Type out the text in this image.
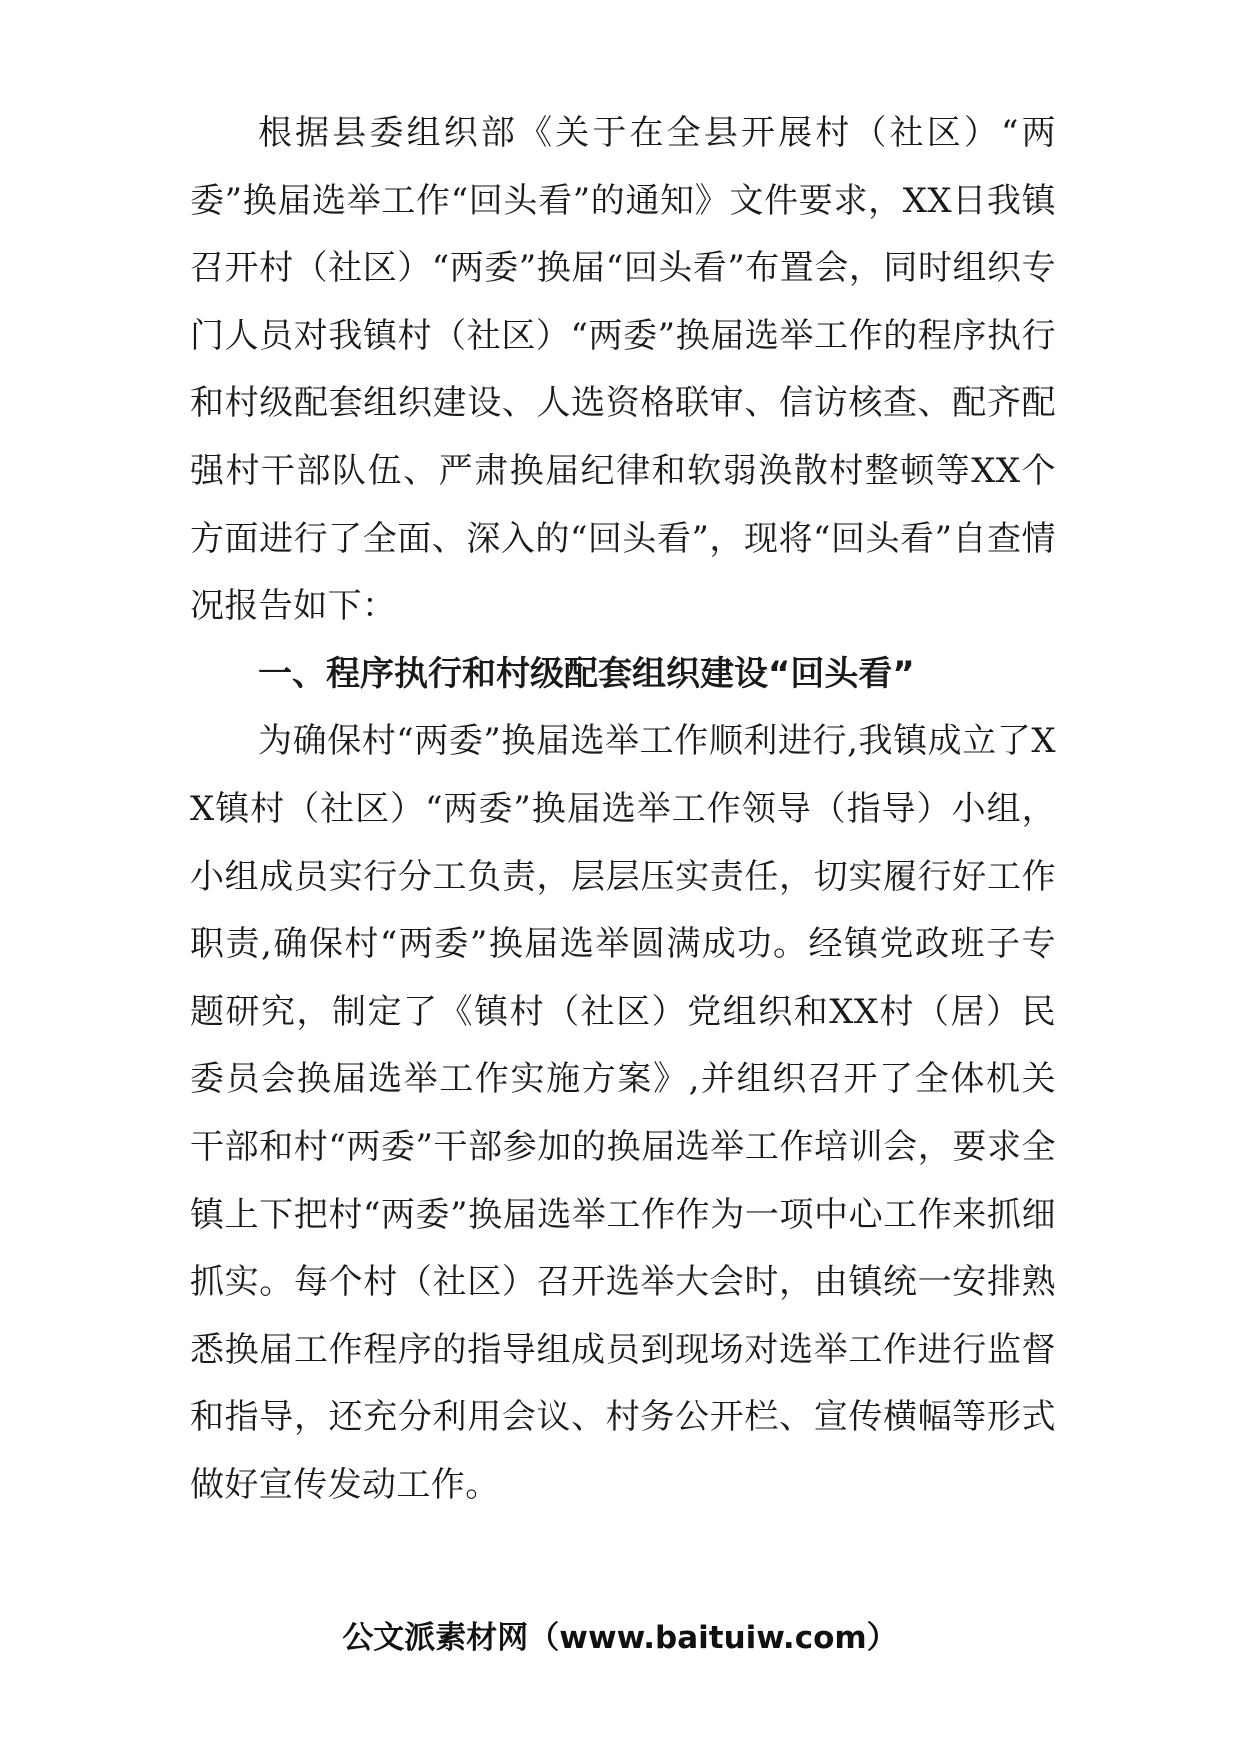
根据县委组织部《关于在全县开展村（社区）“两委”换届选举工作“回头看”的通知》文件要求，XX日我镇召开村（社区）“两委”换届“回头看”布置会，同时组织专门人员对我镇村（社区）“两委”换届选举工作的程序执行和村级配套组织建设、人选资格联审、信访核查、配齐配强村干部队伍、严肃换届纪律和软弱涣散村整顿等XX个方面进行了全面、深入的“回头看”，现将“回头看”自查情况报告如下：

一、程序执行和村级配套组织建设“回头看”

为确保村“两委”换届选举工作顺利进行,我镇成立了XX镇村（社区）“两委”换届选举工作领导（指导）小组，小组成员实行分工负责，层层压实责任，切实履行好工作职责,确保村“两委”换届选举圆满成功。经镇党政班子专题研究，制定了《镇村（社区）党组织和XX村（居）民委员会换届选举工作实施方案》,并组织召开了全体机关干部和村“两委”干部参加的换届选举工作培训会，要求全镇上下把村“两委”换届选举工作作为一项中心工作来抓细抓实。每个村（社区）召开选举大会时，由镇统一安排熟悉换届工作程序的指导组成员到现场对选举工作进行监督和指导，还充分利用会议、村务公开栏、宣传横幅等形式做好宣传发动工作。

公文派素材网（www.baituiw.com）
